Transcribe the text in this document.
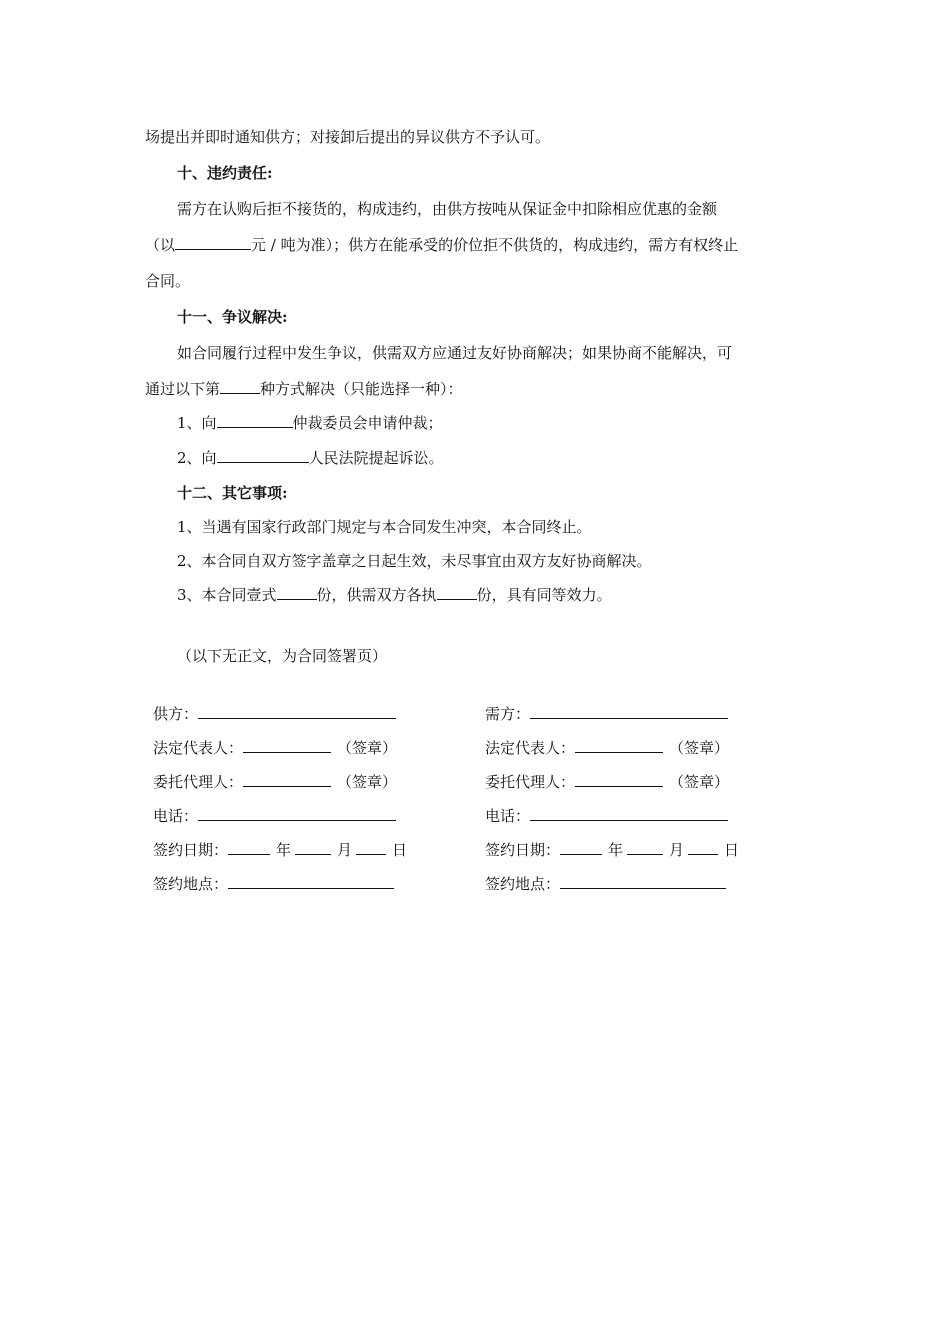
场提出并即时通知供方；对接卸后提出的异议供方不予认可。
十、违约责任:
需方在认购后拒不接货的，构成违约，由供方按吨从保证金中扣除相应优惠的金额
（以	元 / 吨为准）；供方在能承受的价位拒不供货的，构成违约，需方有权终止
合同。
十一、争议解决:
如合同履行过程中发生争议，供需双方应通过友好协商解决；如果协商不能解决，可
通过以下第	种方式解决（只能选择一种）：
1、向	仲裁委员会申请仲裁；
2、向	人民法院提起诉讼。
十二、其它事项:
1、当遇有国家行政部门规定与本合同发生冲突，本合同终止。
2、本合同自双方签字盖章之日起生效，未尽事宜由双方友好协商解决。
3、本合同壹式	份，供需双方各执	份，具有同等效力。
（以下无正文，为合同签署页）
供方：
法定代表人：	（签章）
委托代理人：	（签章）
电话：
签约日期：	年	月	日
签约地点：
需方：
法定代表人：	（签章）
委托代理人：	（签章）
电话：
签约日期：	年	月	日
签约地点：
